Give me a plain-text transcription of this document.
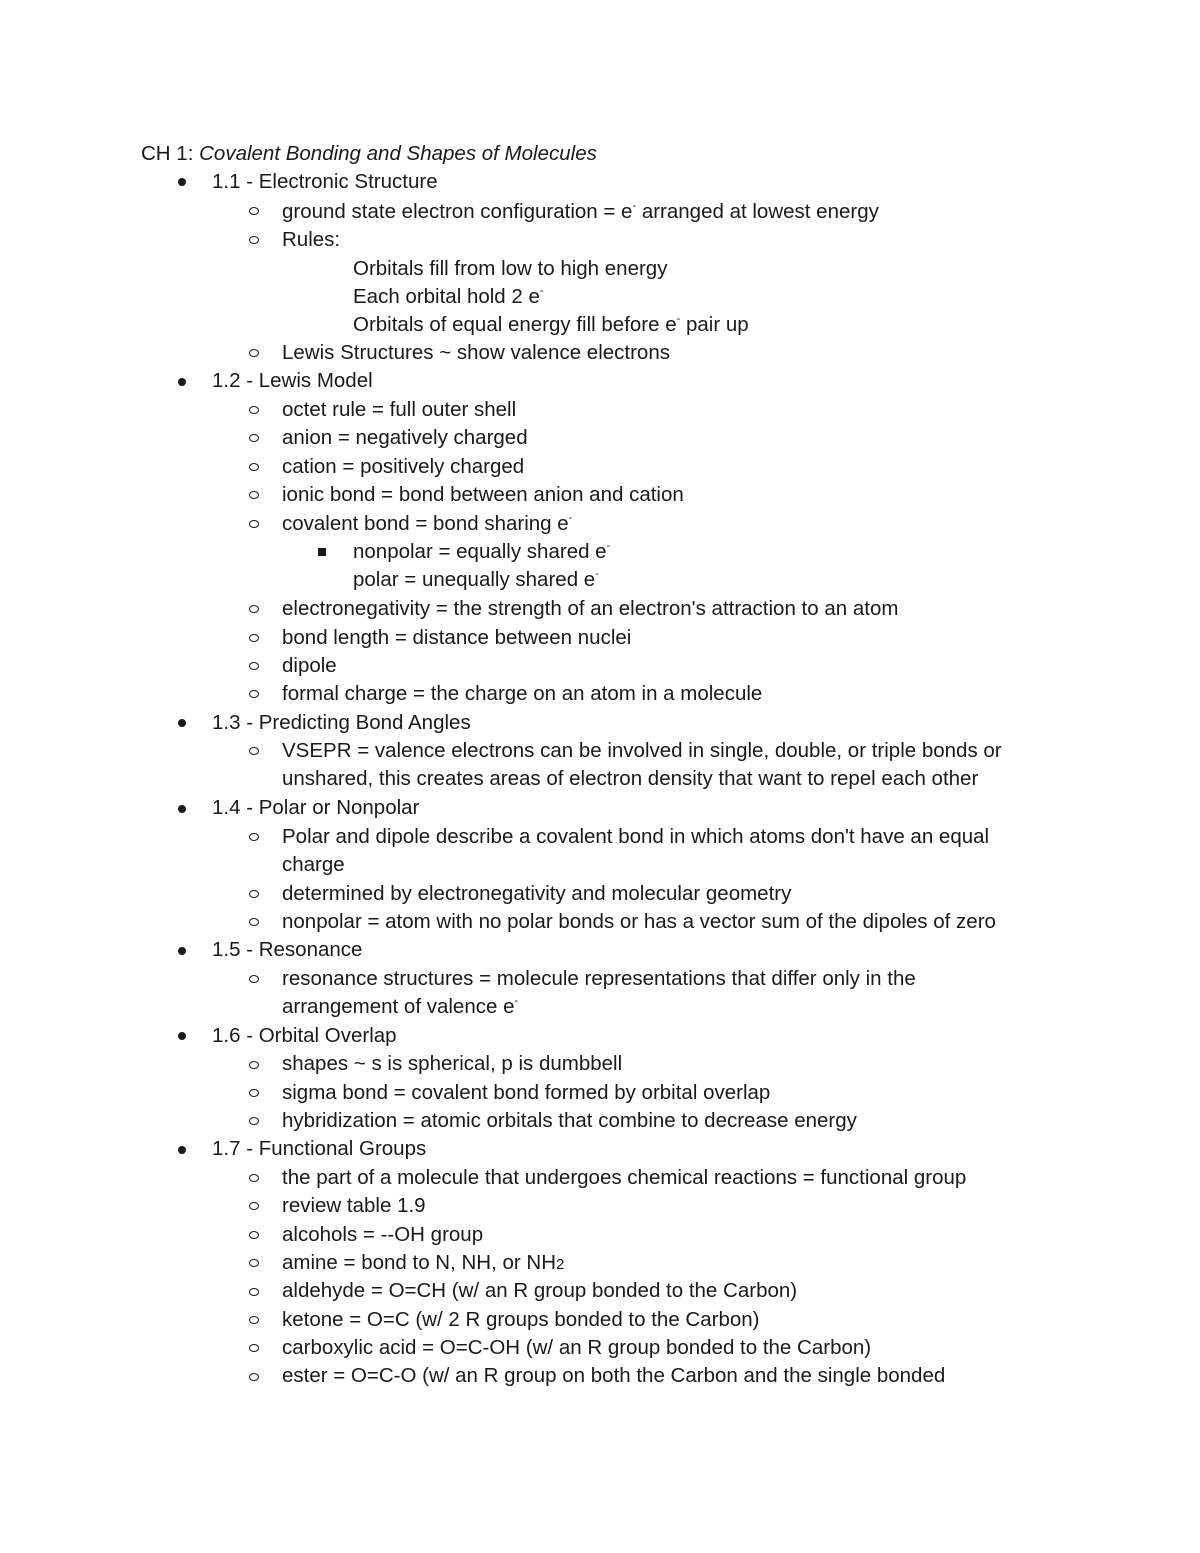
CH 1: Covalent Bonding and Shapes of Molecules
1.1 - Electronic Structure
ground state electron configuration = e- arranged at lowest energy
Rules:
Orbitals fill from low to high energy
Each orbital hold 2 e-
Orbitals of equal energy fill before e- pair up
Lewis Structures ~ show valence electrons
1.2 - Lewis Model
octet rule = full outer shell
anion = negatively charged
cation = positively charged
ionic bond = bond between anion and cation
covalent bond = bond sharing e-
nonpolar = equally shared e-
polar = unequally shared e-
electronegativity = the strength of an electron's attraction to an atom
bond length = distance between nuclei
dipole
formal charge = the charge on an atom in a molecule
1.3 - Predicting Bond Angles
VSEPR = valence electrons can be involved in single, double, or triple bonds or
unshared, this creates areas of electron density that want to repel each other
1.4 - Polar or Nonpolar
Polar and dipole describe a covalent bond in which atoms don't have an equal
charge
determined by electronegativity and molecular geometry
nonpolar = atom with no polar bonds or has a vector sum of the dipoles of zero
1.5 - Resonance
resonance structures = molecule representations that differ only in the
arrangement of valence e-
1.6 - Orbital Overlap
shapes ~ s is spherical, p is dumbbell
sigma bond = covalent bond formed by orbital overlap
hybridization = atomic orbitals that combine to decrease energy
1.7 - Functional Groups
the part of a molecule that undergoes chemical reactions = functional group
review table 1.9
alcohols = --OH group
amine = bond to N, NH, or NH2
aldehyde = O=CH (w/ an R group bonded to the Carbon)
ketone = O=C (w/ 2 R groups bonded to the Carbon)
carboxylic acid = O=C-OH (w/ an R group bonded to the Carbon)
ester = O=C-O (w/ an R group on both the Carbon and the single bonded
